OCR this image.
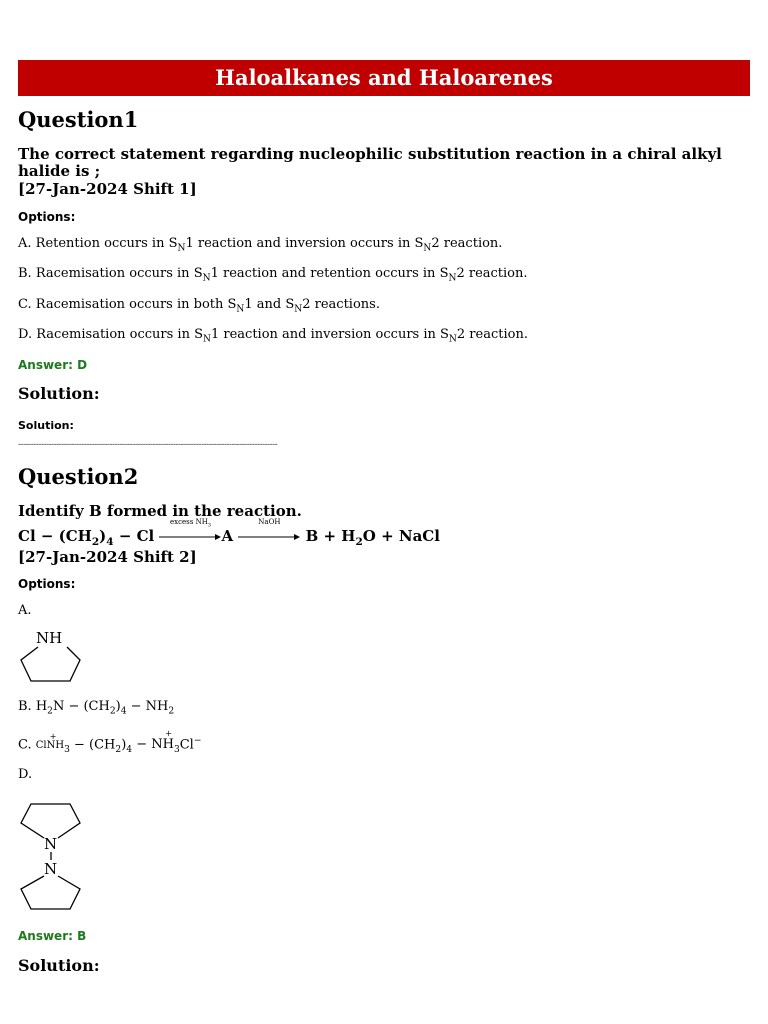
Haloalkanes and Haloarenes
Question1
The correct statement regarding nucleophilic substitution reaction in a chiral alkyl halide is ;
[27-Jan-2024 Shift 1]
Options:
A. Retention occurs in $S_N1$ reaction and inversion occurs in $S_N2$ reaction.
B. Racemisation occurs in $S_N1$ reaction and retention occurs in $S_N2$ reaction.
C. Racemisation occurs in both $S_N1$ and $S_N2$ reactions.
D. Racemisation occurs in $S_N1$ reaction and inversion occurs in $S_N2$ reaction.
Answer: D
Solution:
Solution:
------------------------------------------------------------------------------------------------------
Question2
Identify B formed in the reaction.
$Cl - (CH_2)_4 - Cl$
excess $NH_3$
A
NaOH
$B + H_2O$ + NaCl
[27-Jan-2024 Shift 2]
Options:
A.
NH
B. $H_2N - (CH_2)_4 - NH_2$
C. ClNH
+
$_3 - (CH_2)_4$ − NH
+
$_3$Cl−
D.
N
N
Answer: B
Solution:
